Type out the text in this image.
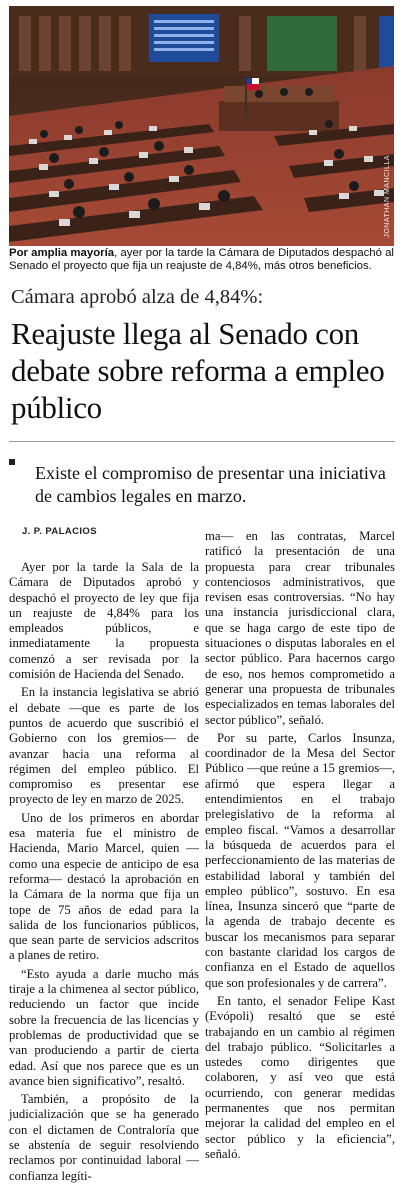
JONATHAN MANCILLA
Por amplia mayoría, ayer por la tarde la Cámara de Diputados despachó al Senado el proyecto que fija un reajuste de 4,84%, más otros beneficios.
Cámara aprobó alza de 4,84%:
Reajuste llega al Senado con debate sobre reforma a empleo público
Existe el compromiso de presentar una iniciativa de cambios legales en marzo.
J. P. PALACIOS

Ayer por la tarde la Sala de la Cámara de Diputados aprobó y despachó el proyecto de ley que fija un reajuste de 4,84% para los empleados públicos, e inmediatamente la propuesta comenzó a ser revisada por la comisión de Hacienda del Senado.

En la instancia legislativa se abrió el debate —que es parte de los puntos de acuerdo que suscribió el Gobierno con los gremios— de avanzar hacia una reforma al régimen del empleo público. El compromiso es presentar ese proyecto de ley en marzo de 2025.

Uno de los primeros en abordar esa materia fue el ministro de Hacienda, Mario Marcel, quien —como una especie de anticipo de esa reforma— destacó la aprobación en la Cámara de la norma que fija un tope de 75 años de edad para la salida de los funcionarios públicos, que sean parte de servicios adscritos a planes de retiro.

“Esto ayuda a darle mucho más tiraje a la chimenea al sector público, reduciendo un factor que incide sobre la frecuencia de las licencias y problemas de productividad que se van produciendo a partir de cierta edad. Así que nos parece que es un avance bien significativo”, resaltó.

También, a propósito de la judicialización que se ha generado con el dictamen de Contraloría que se abstenía de seguir resolviendo reclamos por continuidad laboral —confianza legíti-

ma— en las contratas, Marcel ratificó la presentación de una propuesta para crear tribunales contenciosos administrativos, que revisen esas controversias. “No hay una instancia jurisdiccional clara, que se haga cargo de este tipo de situaciones o disputas laborales en el sector público. Para hacernos cargo de eso, nos hemos comprometido a generar una propuesta de tribunales especializados en temas laborales del sector público”, señaló.

Por su parte, Carlos Insunza, coordinador de la Mesa del Sector Público —que reúne a 15 gremios—, afirmó que espera llegar a entendimientos en el trabajo prelegislativo de la reforma al empleo fiscal. “Vamos a desarrollar la búsqueda de acuerdos para el perfeccionamiento de las materias de estabilidad laboral y también del empleo público”, sostuvo. En esa línea, Insunza sinceró que “parte de la agenda de trabajo decente es buscar los mecanismos para separar con bastante claridad los cargos de confianza en el Estado de aquellos que son profesionales y de carrera”.

En tanto, el senador Felipe Kast (Evópoli) resaltó que se esté trabajando en un cambio al régimen del trabajo público. “Solicitarles a ustedes como dirigentes que colaboren, y así veo que está ocurriendo, con generar medidas permanentes que nos permitan mejorar la calidad del empleo en el sector público y la eficiencia”, señaló.
